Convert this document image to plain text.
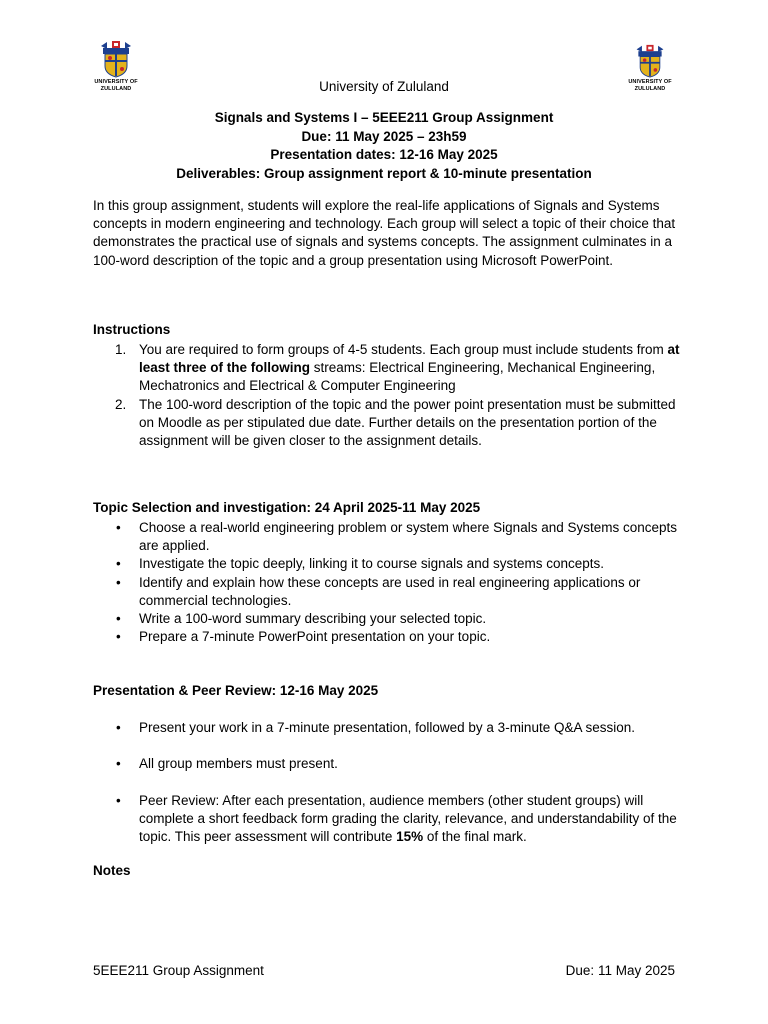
UNIVERSITY OF
ZULULAND
UNIVERSITY OF
ZULULAND
University of Zululand
Signals and Systems I – 5EEE211 Group Assignment
Due: 11 May 2025 – 23h59
Presentation dates: 12-16 May 2025
Deliverables: Group assignment report & 10-minute presentation
In this group assignment, students will explore the real-life applications of Signals and Systems concepts in modern engineering and technology. Each group will select a topic of their choice that demonstrates the practical use of signals and systems concepts. The assignment culminates in a 100-word description of the topic and a group presentation using Microsoft PowerPoint.
Instructions
1. You are required to form groups of 4-5 students. Each group must include students from at least three of the following streams: Electrical Engineering, Mechanical Engineering, Mechatronics and Electrical & Computer Engineering
2. The 100-word description of the topic and the power point presentation must be submitted on Moodle as per stipulated due date. Further details on the presentation portion of the assignment will be given closer to the assignment details.
Topic Selection and investigation: 24 April 2025-11 May 2025
• Choose a real-world engineering problem or system where Signals and Systems concepts are applied.
• Investigate the topic deeply, linking it to course signals and systems concepts.
• Identify and explain how these concepts are used in real engineering applications or commercial technologies.
• Write a 100-word summary describing your selected topic.
• Prepare a 7-minute PowerPoint presentation on your topic.
Presentation & Peer Review: 12-16 May 2025
• Present your work in a 7-minute presentation, followed by a 3-minute Q&A session.
• All group members must present.
• Peer Review: After each presentation, audience members (other student groups) will complete a short feedback form grading the clarity, relevance, and understandability of the topic. This peer assessment will contribute 15% of the final mark.
Notes
5EEE211 Group Assignment	Due: 11 May 2025
